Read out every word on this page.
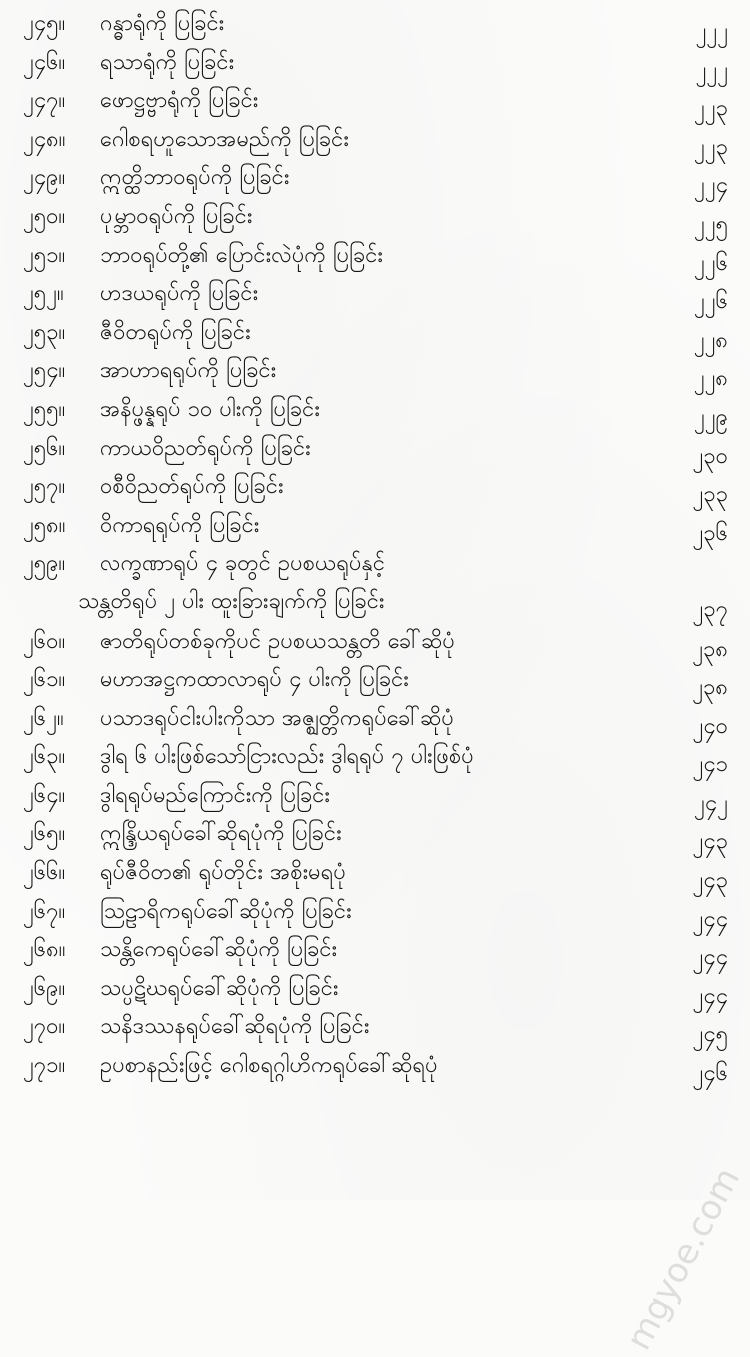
၂၄၅။ ဂန္ဓာရုံကို ပြခြင်း	၂၂၂
၂၄၆။ ရသာရုံကို ပြခြင်း	၂၂၂
၂၄၇။ ဖောဋ္ဌဗ္ဗာရုံကို ပြခြင်း	၂၂၃
၂၄၈။ ဂေါစရဟူသောအမည်ကို ပြခြင်း	၂၂၃
၂၄၉။ ဣတ္ထိဘာဝရုပ်ကို ပြခြင်း	၂၂၄
၂၅၀။ ပုမ္ဘာဝရုပ်ကို ပြခြင်း	၂၂၅
၂၅၁။ ဘာဝရုပ်တို့၏ ပြောင်းလဲပုံကို ပြခြင်း	၂၂၆
၂၅၂။ ဟဒယရုပ်ကို ပြခြင်း	၂၂၆
၂၅၃။ ဇီဝိတရုပ်ကို ပြခြင်း	၂၂၈
၂၅၄။ အာဟာရရုပ်ကို ပြခြင်း	၂၂၈
၂၅၅။ အနိပ္ဖန္နရုပ် ၁၀ ပါးကို ပြခြင်း	၂၂၉
၂၅၆။ ကာယဝိညတ်ရုပ်ကို ပြခြင်း	၂၃၀
၂၅၇။ ဝစီဝိညတ်ရုပ်ကို ပြခြင်း	၂၃၃
၂၅၈။ ဝိကာရရုပ်ကို ပြခြင်း	၂၃၆
၂၅၉။ လက္ခဏာရုပ် ၄ ခုတွင် ဥပစယရုပ်နှင့်
သန္တတိရုပ် ၂ ပါး ထူးခြားချက်ကို ပြခြင်း	၂၃၇
၂၆၀။ ဇာတိရုပ်တစ်ခုကိုပင် ဥပစယသန္တတိ ခေါ်ဆိုပုံ	၂၃၈
၂၆၁။ မဟာအဋ္ဌကထာလာရုပ် ၄ ပါးကို ပြခြင်း	၂၃၈
၂၆၂။ ပသာဒရုပ်ငါးပါးကိုသာ အဇ္ဈတ္တိကရုပ်ခေါ်ဆိုပုံ	၂၄၀
၂၆၃။ ဒွါရ ၆ ပါးဖြစ်သော်ငြားလည်း ဒွါရရုပ် ၇ ပါးဖြစ်ပုံ	၂၄၁
၂၆၄။ ဒွါရရုပ်မည်ကြောင်းကို ပြခြင်း	၂၄၂
၂၆၅။ ဣန္ဒြိယရုပ်ခေါ်ဆိုရပုံကို ပြခြင်း	၂၄၃
၂၆၆။ ရုပ်ဇီဝိတ၏ ရုပ်တိုင်း အစိုးမရပုံ	၂၄၃
၂၆၇။ ဩဠာရိကရုပ်ခေါ်ဆိုပုံကို ပြခြင်း	၂၄၄
၂၆၈။ သန္တိကေရုပ်ခေါ်ဆိုပုံကို ပြခြင်း	၂၄၄
၂၆၉။ သပ္ပဋိဃရုပ်ခေါ်ဆိုပုံကို ပြခြင်း	၂၄၄
၂၇၀။ သနိဒဿနရုပ်ခေါ်ဆိုရပုံကို ပြခြင်း	၂၄၅
၂၇၁။ ဥပစာနည်းဖြင့် ဂေါစရဂ္ဂါဟိကရုပ်ခေါ်ဆိုရပုံ	၂၄၆
mgyoe.com
